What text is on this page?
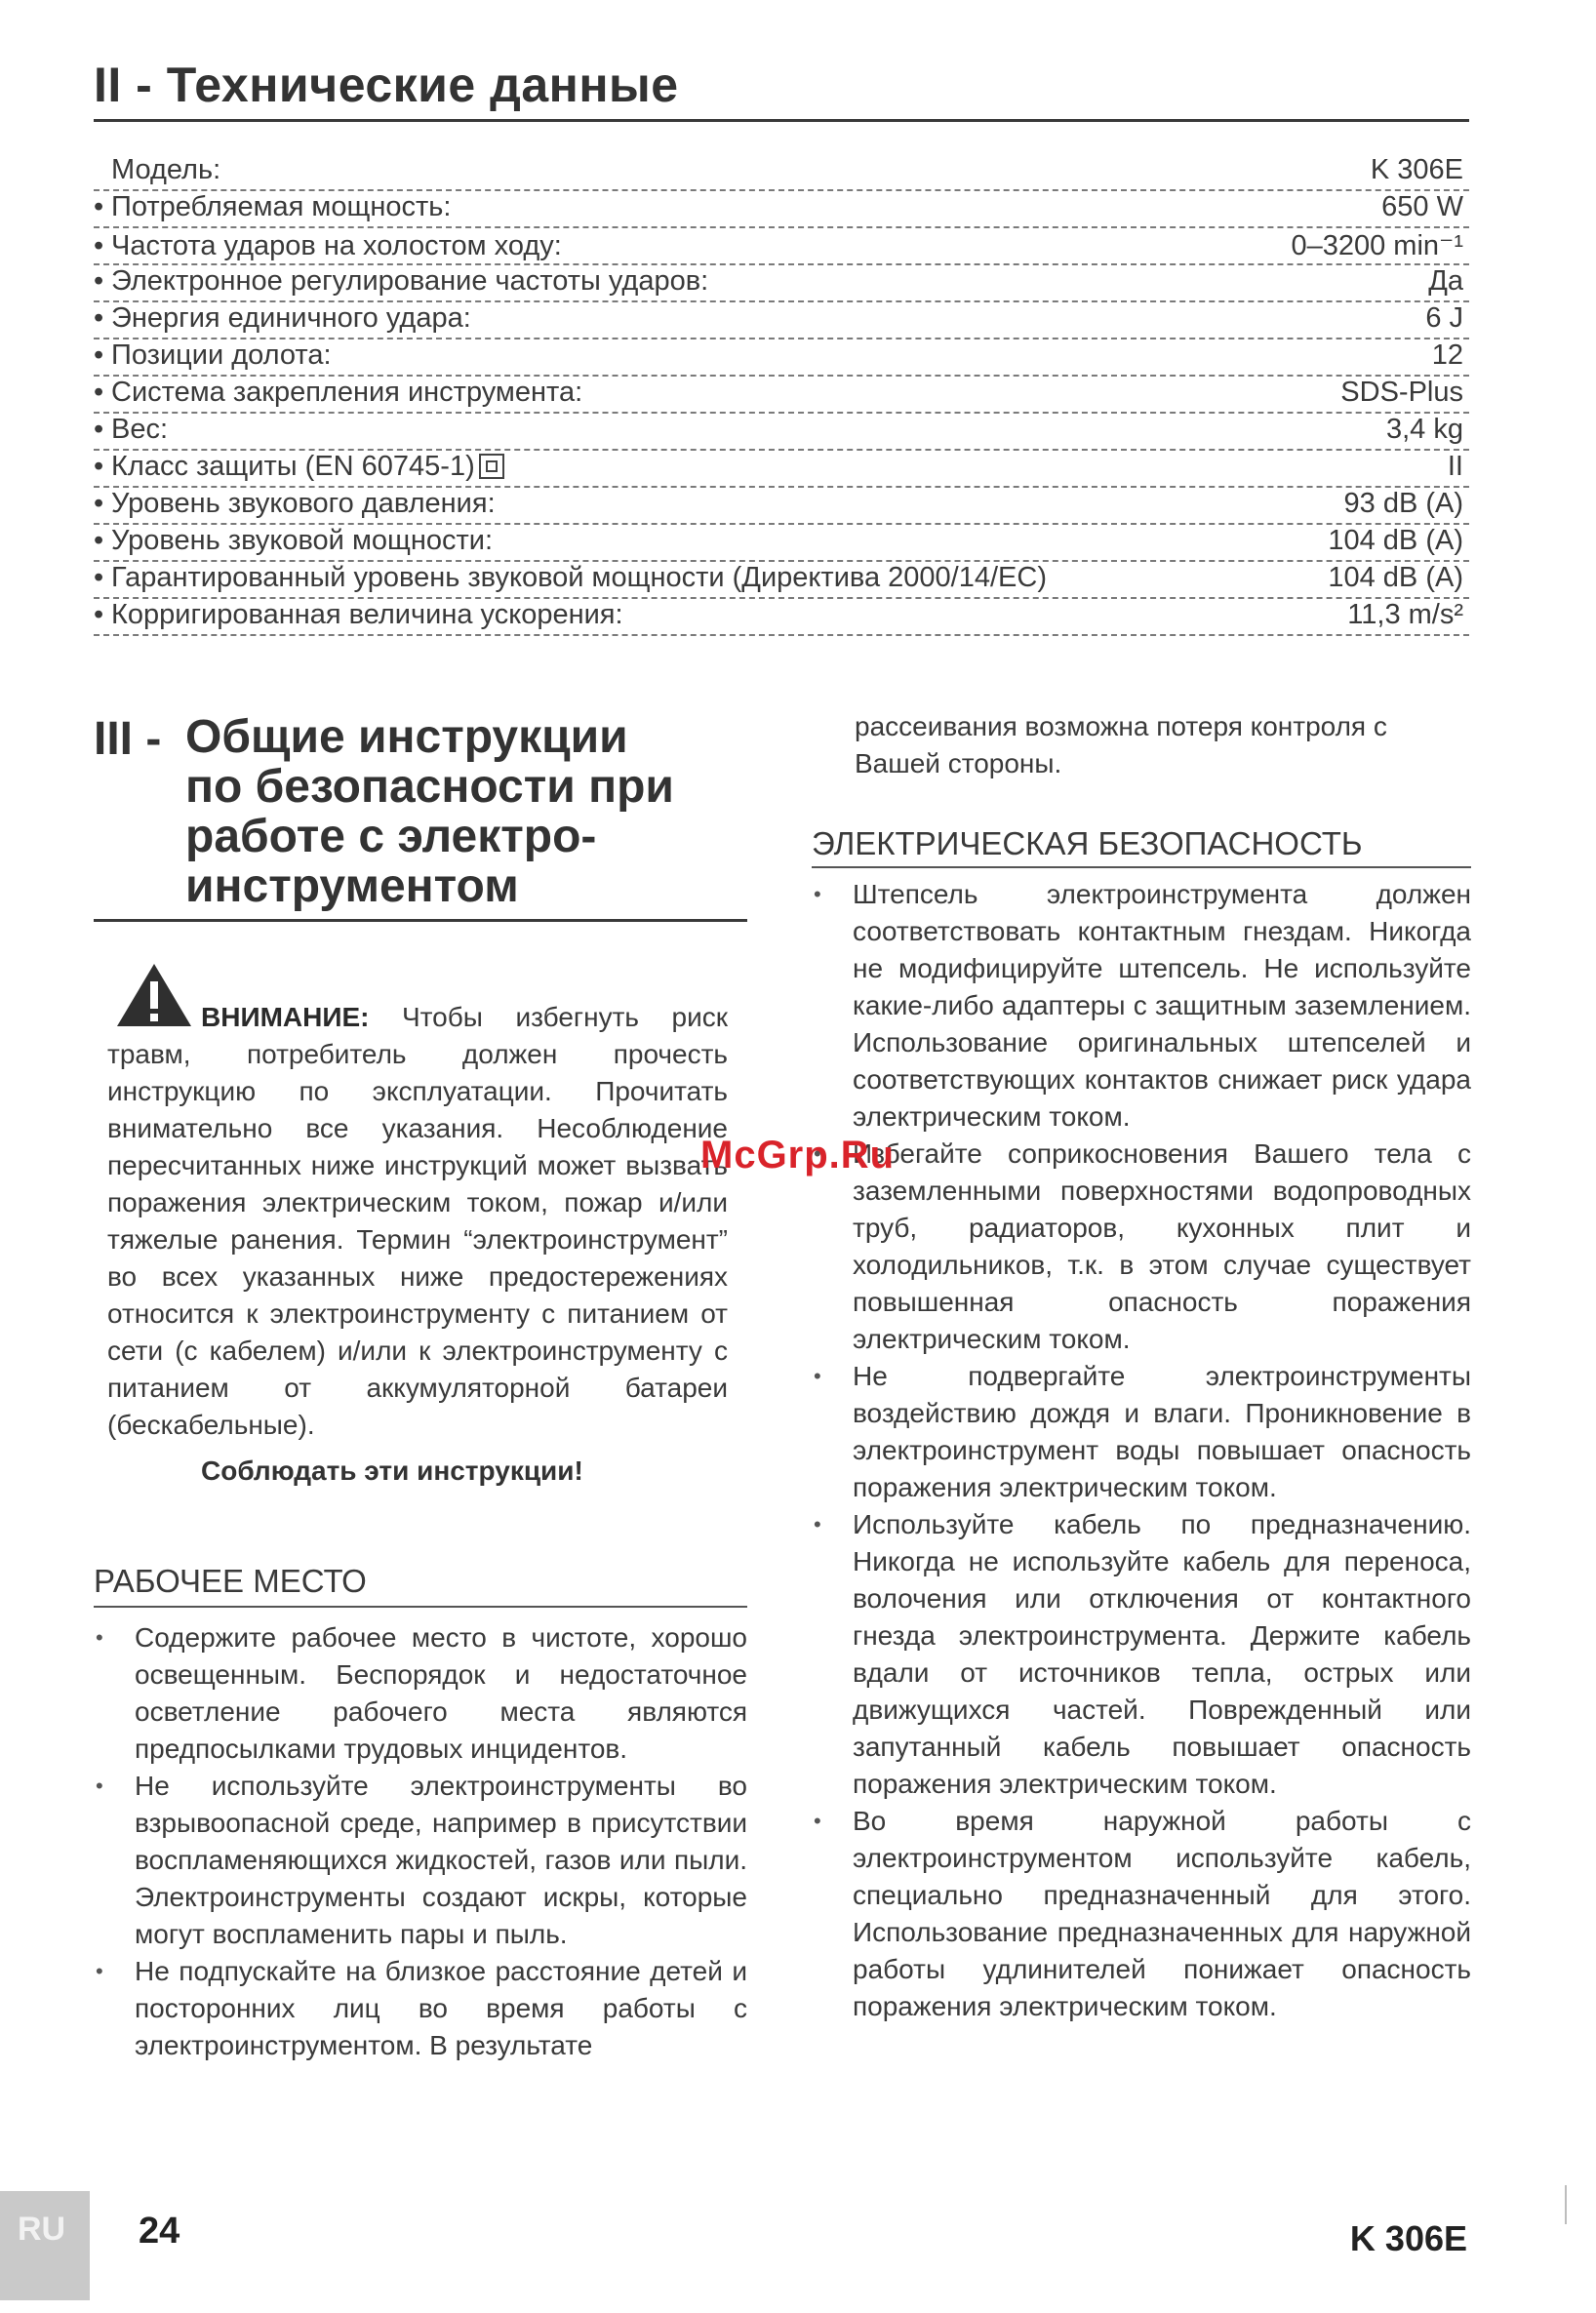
II - Технические данные
Модель:	K 306E
• Потребляемая мощность:	650 W
• Частота ударов на холостом ходу:	0–3200 min⁻¹
• Электронное регулирование частоты ударов:	Да
• Энергия единичного удара:	6 J
• Позиции долота:	12
• Система закрепления инструмента:	SDS-Plus
• Вес:	3,4 kg
• Класс защиты (EN 60745-1)	II
• Уровень звукового давления:	93 dB (A)
• Уровень звуковой мощности:	104 dB (A)
• Гарантированный уровень звуковой мощности (Директива 2000/14/EC)	104 dB (A)
• Корригированная величина ускорения:	11,3 m/s²
III - Общие инструкции
по безопасности при
работе с электро-
инструментом
ВНИМАНИЕ: Чтобы избегнуть риск травм, потребитель должен прочесть инструкцию по эксплуатации. Прочитать внимательно все указания. Несоблюдение пересчитанных ниже инструкций может вызвать поражения электрическим током, пожар и/или тяжелые ранения. Термин “электроинструмент” во всех указанных ниже предостережениях относится к электроинструменту с питанием от сети (с кабелем) и/или к электроинструменту с питанием от аккумуляторной батареи (бескабельные).
Соблюдать эти инструкции!
РАБОЧЕЕ МЕСТО
• Содержите рабочее место в чистоте, хорошо освещенным. Беспорядок и недостаточное осветление рабочего места являются предпосылками трудовых инцидентов.
• Не используйте электроинструменты во взрывоопасной среде, например в присутствии воспламеняющихся жидкостей, газов или пыли. Электроинструменты создают искры, которые могут воспламенить пары и пыль.
• Не подпускайте на близкое расстояние детей и посторонних лиц во время работы с электроинструментом. В результате
рассеивания возможна потеря контроля с Вашей стороны.
ЭЛЕКТРИЧЕСКАЯ БЕЗОПАСНОСТЬ
• Штепсель электроинструмента должен соответствовать контактным гнездам. Никогда не модифицируйте штепсель. Не используйте какие-либо адаптеры с защитным заземлением. Использование оригинальных штепселей и соответствующих контактов снижает риск удара электрическим током.
• Избегайте соприкосновения Вашего тела с заземленными поверхностями водопроводных труб, радиаторов, кухонных плит и холодильников, т.к. в этом случае существует повышенная опасность поражения электрическим током.
• Не подвергайте электроинструменты воздействию дождя и влаги. Проникновение в электроинструмент воды повышает опасность поражения электрическим током.
• Используйте кабель по предназначению. Никогда не используйте кабель для переноса, волочения или отключения от контактного гнезда электроинструмента. Держите кабель вдали от источников тепла, острых или движущихся частей. Поврежденный или запутанный кабель повышает опасность поражения электрическим током.
• Во время наружной работы с электроинструментом используйте кабель, специально предназначенный для этого. Использование предназначенных для наружной работы удлинителей понижает опасность поражения электрическим током.
McGrp.Ru
RU 24	K 306E
